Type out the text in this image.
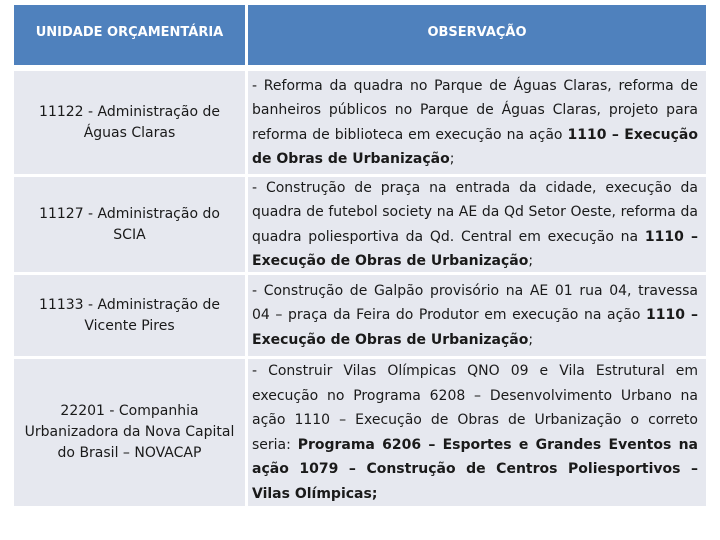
UNIDADE ORÇAMENTÁRIA	OBSERVAÇÃO
11122 - Administração de
Águas Claras

- Reforma da quadra no Parque de Águas Claras, reforma de banheiros públicos no Parque de Águas Claras, projeto para reforma de biblioteca em execução na ação 1110 – Execução de Obras de Urbanização;

11127 - Administração do
SCIA

- Construção de praça na entrada da cidade, execução da quadra de futebol society na AE da Qd Setor Oeste, reforma da quadra poliesportiva da Qd. Central em execução na 1110 – Execução de Obras de Urbanização;

11133 - Administração de
Vicente Pires

- Construção de Galpão provisório na AE 01 rua 04, travessa 04 – praça da Feira do Produtor em execução na ação 1110 – Execução de Obras de Urbanização;

22201 - Companhia
Urbanizadora da Nova Capital
do Brasil – NOVACAP

- Construir Vilas Olímpicas QNO 09 e Vila Estrutural em execução no Programa 6208 – Desenvolvimento Urbano na ação 1110 – Execução de Obras de Urbanização o correto seria: Programa 6206 – Esportes e Grandes Eventos na ação 1079 – Construção de Centros Poliesportivos – Vilas Olímpicas;
